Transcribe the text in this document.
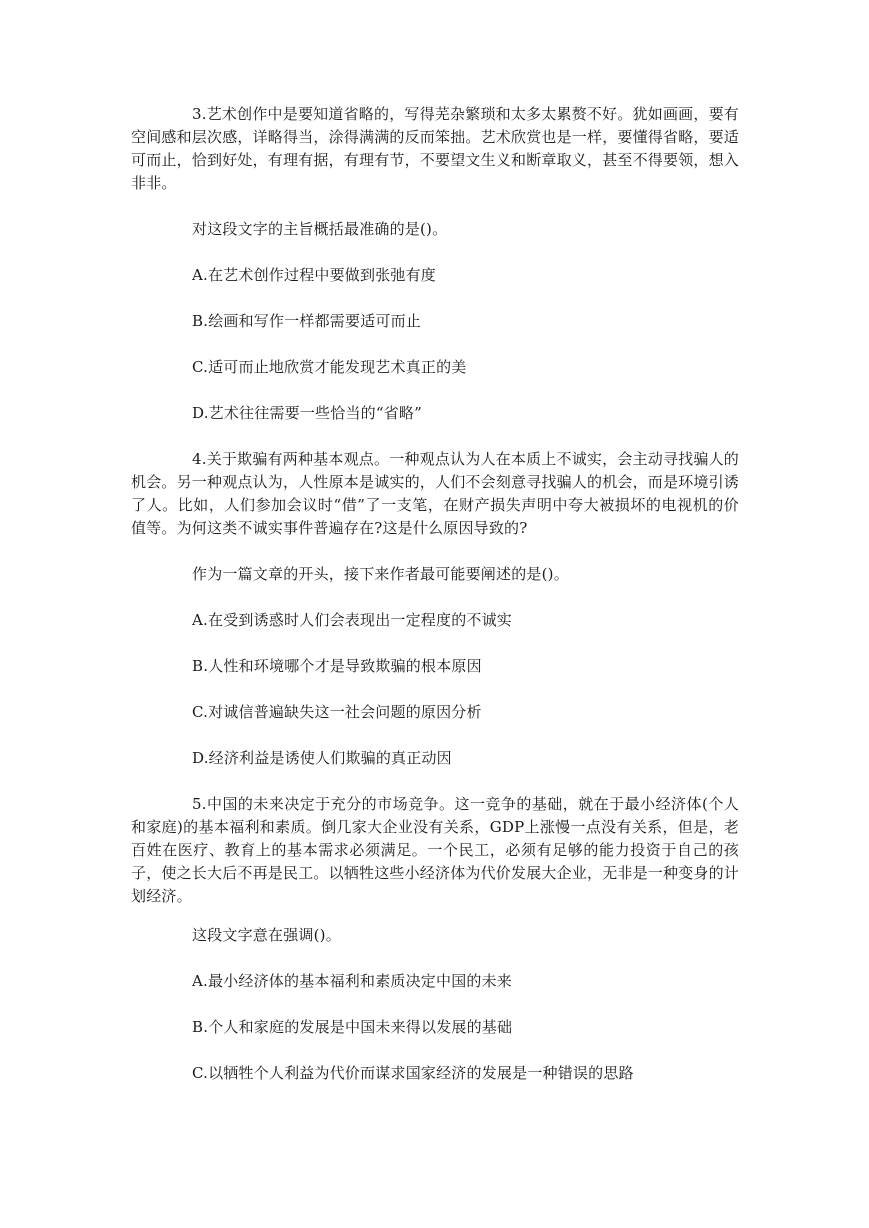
3.艺术创作中是要知道省略的，写得芜杂繁琐和太多太累赘不好。犹如画画，要有空间感和层次感，详略得当，涂得满满的反而笨拙。艺术欣赏也是一样，要懂得省略，要适可而止，恰到好处，有理有据，有理有节，不要望文生义和断章取义，甚至不得要领，想入非非。

对这段文字的主旨概括最准确的是()。

A.在艺术创作过程中要做到张弛有度

B.绘画和写作一样都需要适可而止

C.适可而止地欣赏才能发现艺术真正的美

D.艺术往往需要一些恰当的“省略”

4.关于欺骗有两种基本观点。一种观点认为人在本质上不诚实，会主动寻找骗人的机会。另一种观点认为，人性原本是诚实的，人们不会刻意寻找骗人的机会，而是环境引诱了人。比如，人们参加会议时“借”了一支笔，在财产损失声明中夸大被损坏的电视机的价值等。为何这类不诚实事件普遍存在?这是什么原因导致的?

作为一篇文章的开头，接下来作者最可能要阐述的是()。

A.在受到诱惑时人们会表现出一定程度的不诚实

B.人性和环境哪个才是导致欺骗的根本原因

C.对诚信普遍缺失这一社会问题的原因分析

D.经济利益是诱使人们欺骗的真正动因

5.中国的未来决定于充分的市场竞争。这一竞争的基础，就在于最小经济体(个人和家庭)的基本福利和素质。倒几家大企业没有关系，GDP上涨慢一点没有关系，但是，老百姓在医疗、教育上的基本需求必须满足。一个民工，必须有足够的能力投资于自己的孩子，使之长大后不再是民工。以牺牲这些小经济体为代价发展大企业，无非是一种变身的计划经济。

这段文字意在强调()。

A.最小经济体的基本福利和素质决定中国的未来

B.个人和家庭的发展是中国未来得以发展的基础

C.以牺牲个人利益为代价而谋求国家经济的发展是一种错误的思路
